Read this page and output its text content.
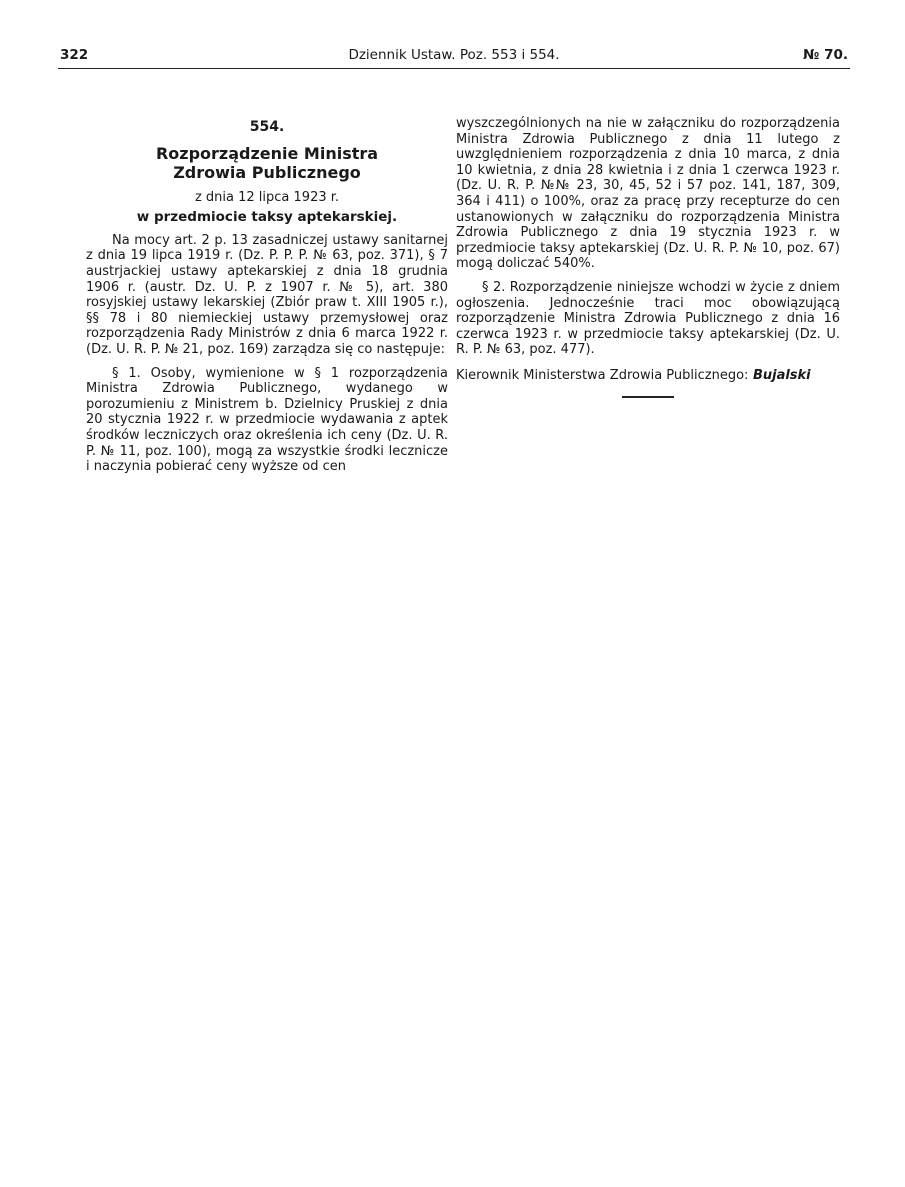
322	Dziennik Ustaw. Poz. 553 i 554.	№ 70.

554.

Rozporządzenie Ministra Zdrowia Publicznego

z dnia 12 lipca 1923 r.

w przedmiocie taksy aptekarskiej.

Na mocy art. 2 p. 13 zasadniczej ustawy sanitarnej z dnia 19 lipca 1919 r. (Dz. P. P. P. № 63, poz. 371), § 7 austrjackiej ustawy aptekarskiej z dnia 18 grudnia 1906 r. (austr. Dz. U. P. z 1907 r. № 5), art. 380 rosyjskiej ustawy lekarskiej (Zbiór praw t. XIII 1905 r.), §§ 78 i 80 niemieckiej ustawy przemysłowej oraz rozporządzenia Rady Ministrów z dnia 6 marca 1922 r. (Dz. U. R. P. № 21, poz. 169) zarządza się co następuje:

§ 1. Osoby, wymienione w § 1 rozporządzenia Ministra Zdrowia Publicznego, wydanego w porozumieniu z Ministrem b. Dzielnicy Pruskiej z dnia 20 stycznia 1922 r. w przedmiocie wydawania z aptek środków leczniczych oraz określenia ich ceny (Dz. U. R. P. № 11, poz. 100), mogą za wszystkie środki lecznicze i naczynia pobierać ceny wyższe od cen

wyszczególnionych na nie w załączniku do rozporządzenia Ministra Zdrowia Publicznego z dnia 11 lutego z uwzględnieniem rozporządzenia z dnia 10 marca, z dnia 10 kwietnia, z dnia 28 kwietnia i z dnia 1 czerwca 1923 r. (Dz. U. R. P. №№ 23, 30, 45, 52 i 57 poz. 141, 187, 309, 364 i 411) o 100%, oraz za pracę przy recepturze do cen ustanowionych w załączniku do rozporządzenia Ministra Zdrowia Publicznego z dnia 19 stycznia 1923 r. w przedmiocie taksy aptekarskiej (Dz. U. R. P. № 10, poz. 67) mogą doliczać 540%.

§ 2. Rozporządzenie niniejsze wchodzi w życie z dniem ogłoszenia. Jednocześnie traci moc obowiązującą rozporządzenie Ministra Zdrowia Publicznego z dnia 16 czerwca 1923 r. w przedmiocie taksy aptekarskiej (Dz. U. R. P. № 63, poz. 477).

Kierownik Ministerstwa Zdrowia Publicznego: Bujalski
